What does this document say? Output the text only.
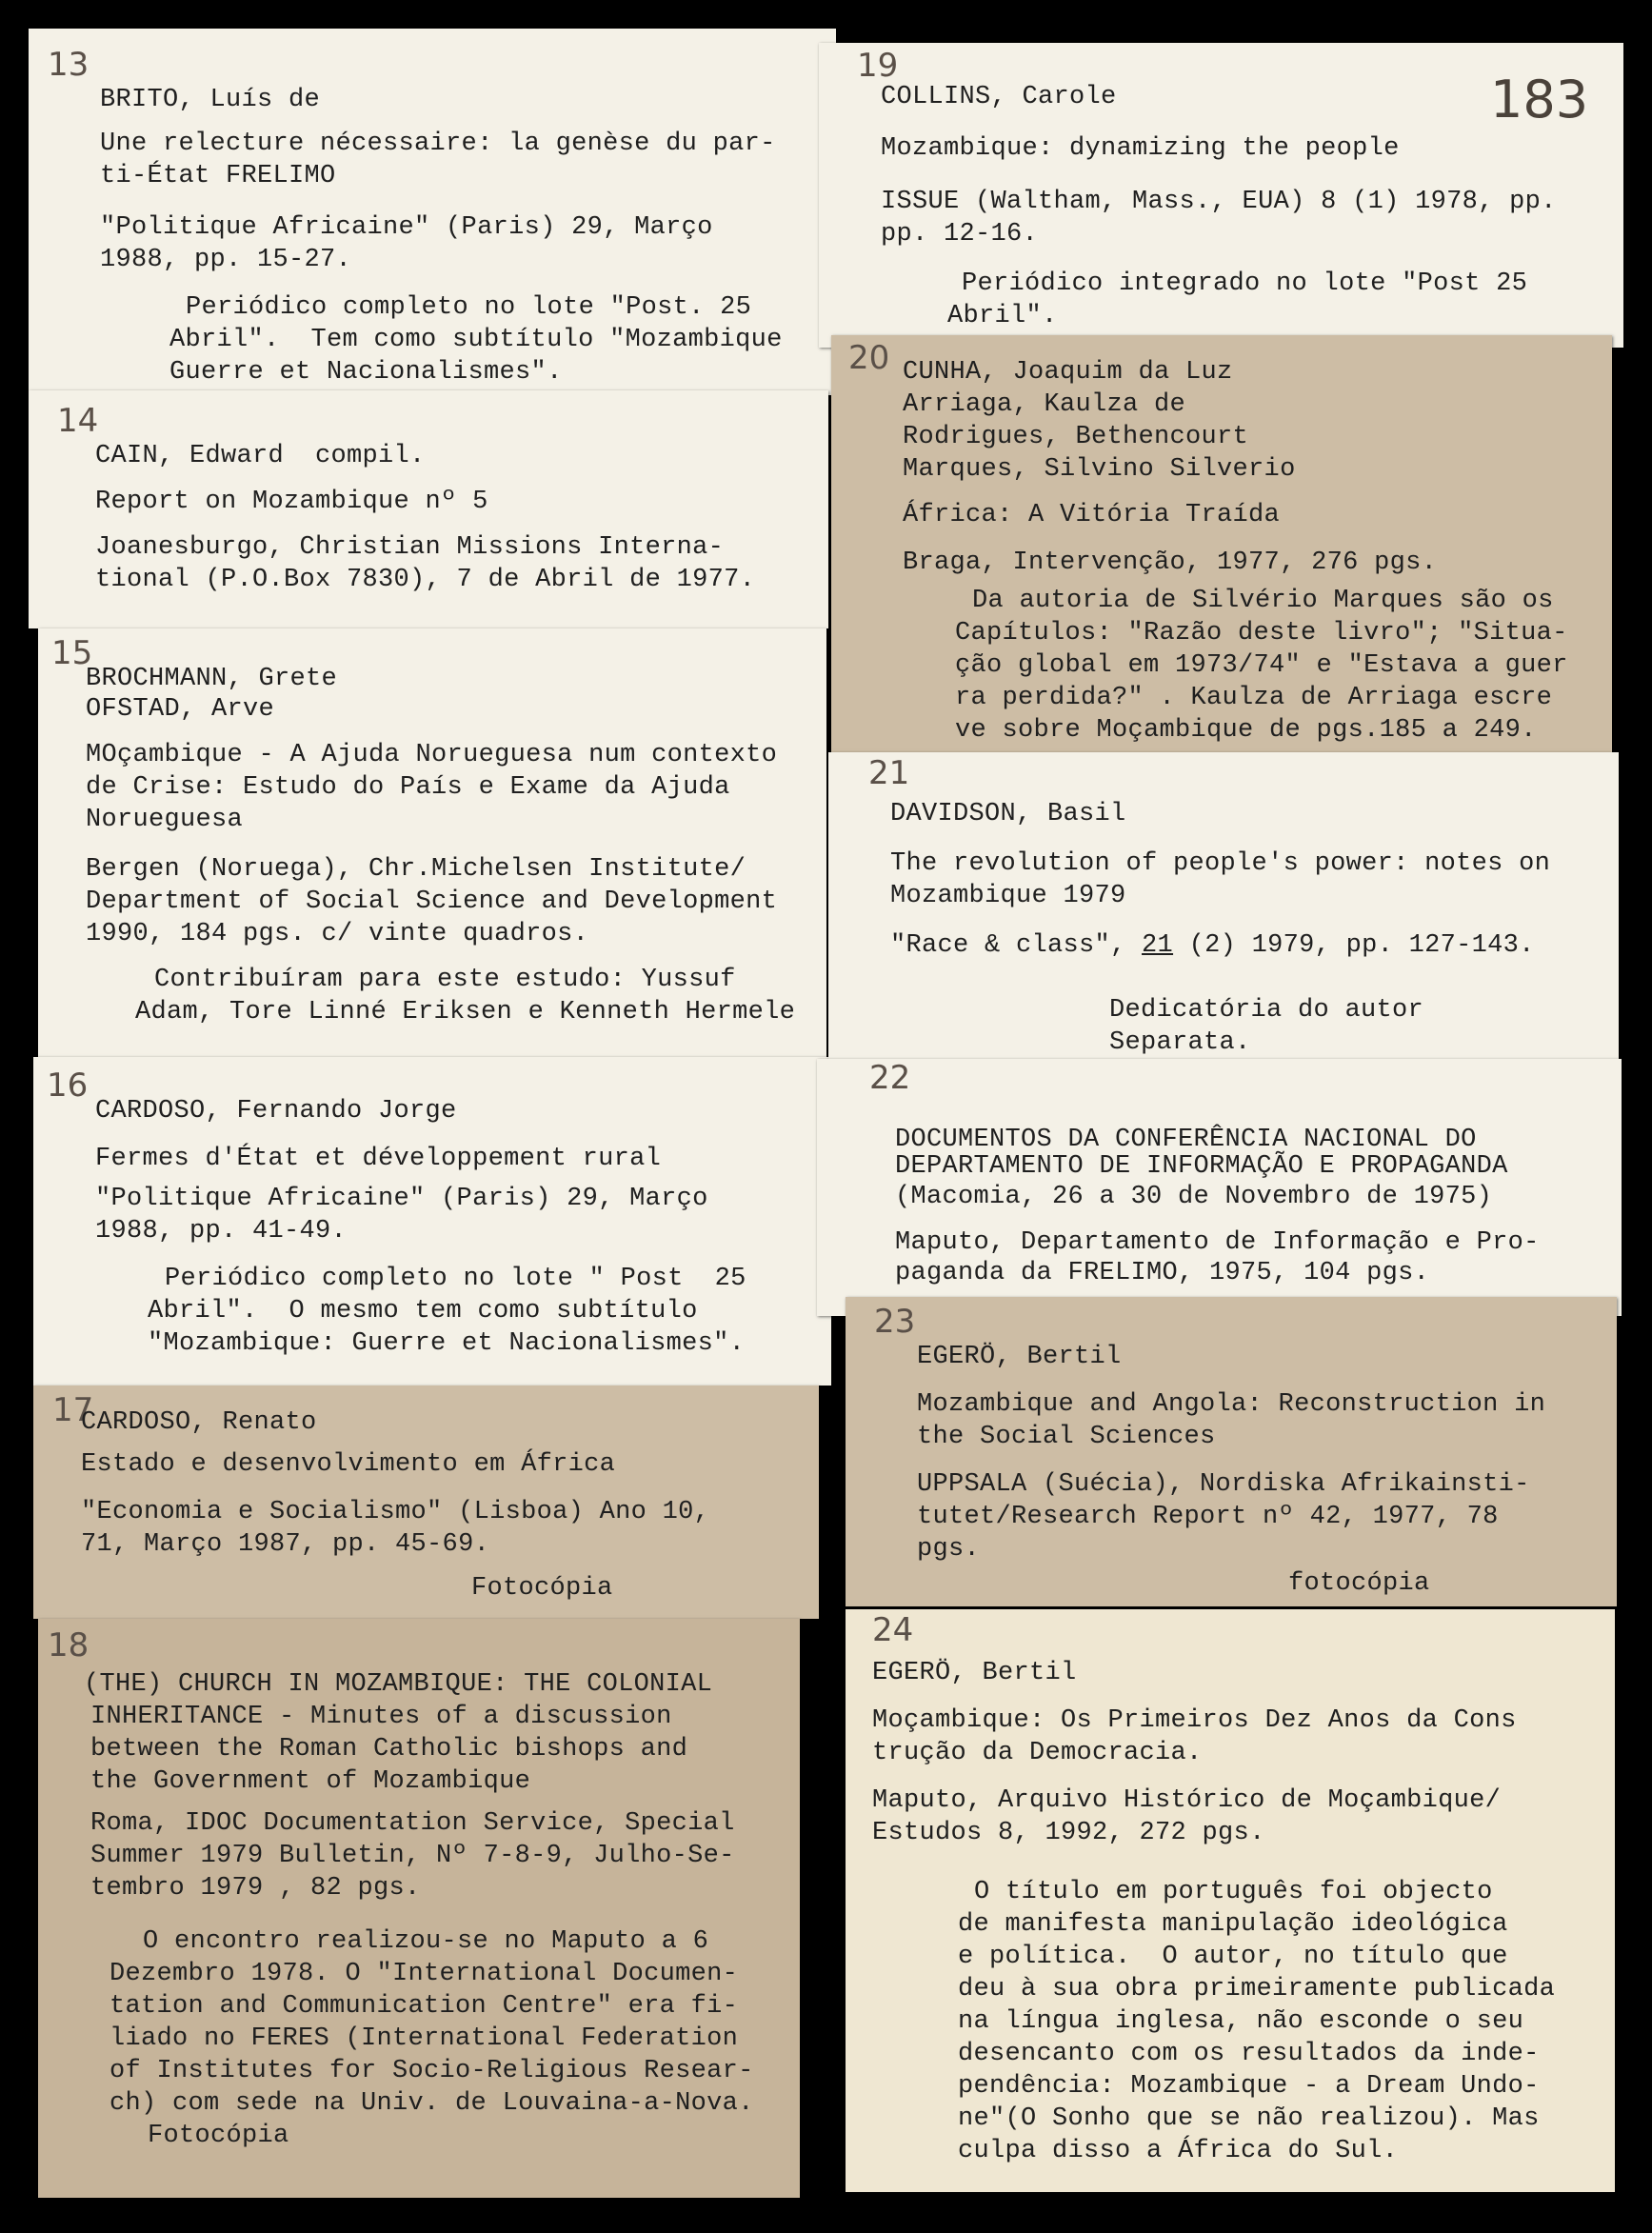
13
BRITO, Luís de
Une relecture nécessaire: la genèse du par-
ti-État FRELIMO
"Politique Africaine" (Paris) 29, Março
1988, pp. 15-27.
Periódico completo no lote "Post. 25
Abril".  Tem como subtítulo "Mozambique
Guerre et Nacionalismes".
14
CAIN, Edward  compil.
Report on Mozambique nº 5
Joanesburgo, Christian Missions Interna-
tional (P.O.Box 7830), 7 de Abril de 1977.
15
BROCHMANN, Grete
OFSTAD, Arve
MOçambique - A Ajuda Norueguesa num contexto
de Crise: Estudo do País e Exame da Ajuda
Norueguesa
Bergen (Noruega), Chr.Michelsen Institute/
Department of Social Science and Development
1990, 184 pgs. c/ vinte quadros.
Contribuíram para este estudo: Yussuf
Adam, Tore Linné Eriksen e Kenneth Hermele
16
CARDOSO, Fernando Jorge
Fermes d'État et développement rural
"Politique Africaine" (Paris) 29, Março
1988, pp. 41-49.
Periódico completo no lote " Post  25
Abril".  O mesmo tem como subtítulo
"Mozambique: Guerre et Nacionalismes".
17
CARDOSO, Renato
Estado e desenvolvimento em África
"Economia e Socialismo" (Lisboa) Ano 10,
71, Março 1987, pp. 45-69.
Fotocópia
18
(THE) CHURCH IN MOZAMBIQUE: THE COLONIAL
INHERITANCE - Minutes of a discussion
between the Roman Catholic bishops and
the Government of Mozambique
Roma, IDOC Documentation Service, Special
Summer 1979 Bulletin, Nº 7-8-9, Julho-Se-
tembro 1979 , 82 pgs.
O encontro realizou-se no Maputo a 6
Dezembro 1978. O "International Documen-
tation and Communication Centre" era fi-
liado no FERES (International Federation
of Institutes for Socio-Religious Resear-
ch) com sede na Univ. de Louvaina-a-Nova.
Fotocópia
19
183
COLLINS, Carole
Mozambique: dynamizing the people
ISSUE (Waltham, Mass., EUA) 8 (1) 1978, pp.
pp. 12-16.
Periódico integrado no lote "Post 25
Abril".
20 CUNHA, Joaquim da Luz
Arriaga, Kaulza de
Rodrigues, Bethencourt
Marques, Silvino Silverio
África: A Vitória Traída
Braga, Intervenção, 1977, 276 pgs.
Da autoria de Silvério Marques são os
Capítulos: "Razão deste livro"; "Situa-
ção global em 1973/74" e "Estava a guer
ra perdida?" . Kaulza de Arriaga escre
ve sobre Moçambique de pgs.185 a 249.
21
DAVIDSON, Basil
The revolution of people's power: notes on
Mozambique 1979
"Race & class", 21 (2) 1979, pp. 127-143.
Dedicatória do autor
Separata.
22
DOCUMENTOS DA CONFERÊNCIA NACIONAL DO
DEPARTAMENTO DE INFORMAÇÃO E PROPAGANDA
(Macomia, 26 a 30 de Novembro de 1975)
Maputo, Departamento de Informação e Pro-
paganda da FRELIMO, 1975, 104 pgs.
23
EGERÖ, Bertil
Mozambique and Angola: Reconstruction in
the Social Sciences
UPPSALA (Suécia), Nordiska Afrikainsti-
tutet/Research Report nº 42, 1977, 78
pgs.
fotocópia
24
EGERÖ, Bertil
Moçambique: Os Primeiros Dez Anos da Cons
trução da Democracia.
Maputo, Arquivo Histórico de Moçambique/
Estudos 8, 1992, 272 pgs.
O título em português foi objecto
de manifesta manipulação ideológica
e política.  O autor, no título que
deu à sua obra primeiramente publicada
na língua inglesa, não esconde o seu
desencanto com os resultados da inde-
pendência: Mozambique - a Dream Undo-
ne"(O Sonho que se não realizou). Mas
culpa disso a África do Sul.
